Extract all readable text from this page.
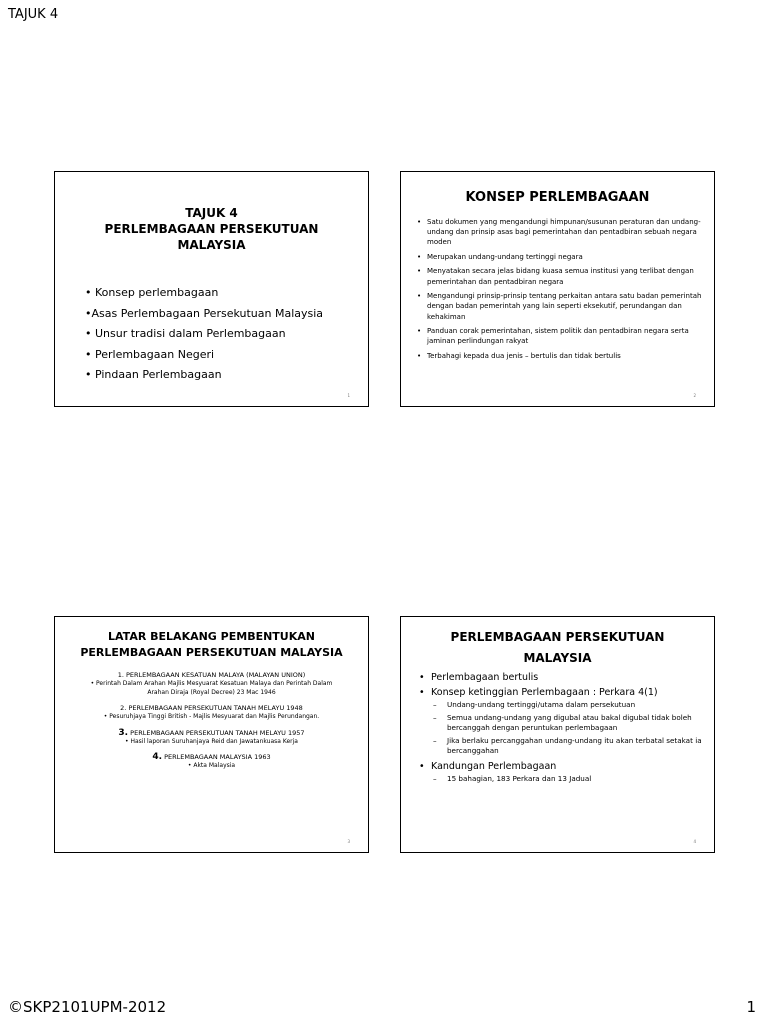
TAJUK 4
TAJUK 4
PERLEMBAGAAN PERSEKUTUAN
MALAYSIA
• Konsep perlembagaan
•Asas Perlembagaan Persekutuan Malaysia
• Unsur tradisi dalam Perlembagaan
• Perlembagaan Negeri
• Pindaan Perlembagaan
1
KONSEP PERLEMBAGAAN
• Satu dokumen yang mengandungi himpunan/susunan peraturan dan undang-undang dan prinsip asas bagi pemerintahan dan pentadbiran sebuah negara moden
• Merupakan undang-undang tertinggi negara
• Menyatakan secara jelas bidang kuasa semua institusi yang terlibat dengan pemerintahan dan pentadbiran negara
• Mengandungi prinsip-prinsip tentang perkaitan antara satu badan pemerintah dengan badan pemerintah yang lain seperti eksekutif, perundangan dan kehakiman
• Panduan corak pemerintahan, sistem politik dan pentadbiran negara serta jaminan perlindungan rakyat
• Terbahagi kepada dua jenis – bertulis dan tidak bertulis
2
LATAR BELAKANG PEMBENTUKAN
PERLEMBAGAAN PERSEKUTUAN MALAYSIA
1. PERLEMBAGAAN KESATUAN MALAYA (MALAYAN UNION)
• Perintah Dalam Arahan Majlis Mesyuarat Kesatuan Malaya dan Perintah Dalam Arahan Diraja (Royal Decree) 23 Mac 1946
2. PERLEMBAGAAN PERSEKUTUAN TANAH MELAYU 1948
• Pesuruhjaya Tinggi British - Majlis Mesyuarat dan Majlis Perundangan.
3. PERLEMBAGAAN PERSEKUTUAN TANAH MELAYU 1957
• Hasil laporan Suruhanjaya Reid dan Jawatankuasa Kerja
4. PERLEMBAGAAN MALAYSIA 1963
• Akta Malaysia
3
PERLEMBAGAAN PERSEKUTUAN
MALAYSIA
• Perlembagaan bertulis
• Konsep ketinggian Perlembagaan : Perkara 4(1)
– Undang-undang tertinggi/utama dalam persekutuan
– Semua undang-undang yang digubal atau bakal digubal tidak boleh bercanggah dengan peruntukan perlembagaan
– Jika berlaku percanggahan undang-undang itu akan terbatal setakat ia bercanggahan
• Kandungan Perlembagaan
– 15 bahagian, 183 Perkara dan 13 Jadual
4
©SKP2101UPM-2012	1
